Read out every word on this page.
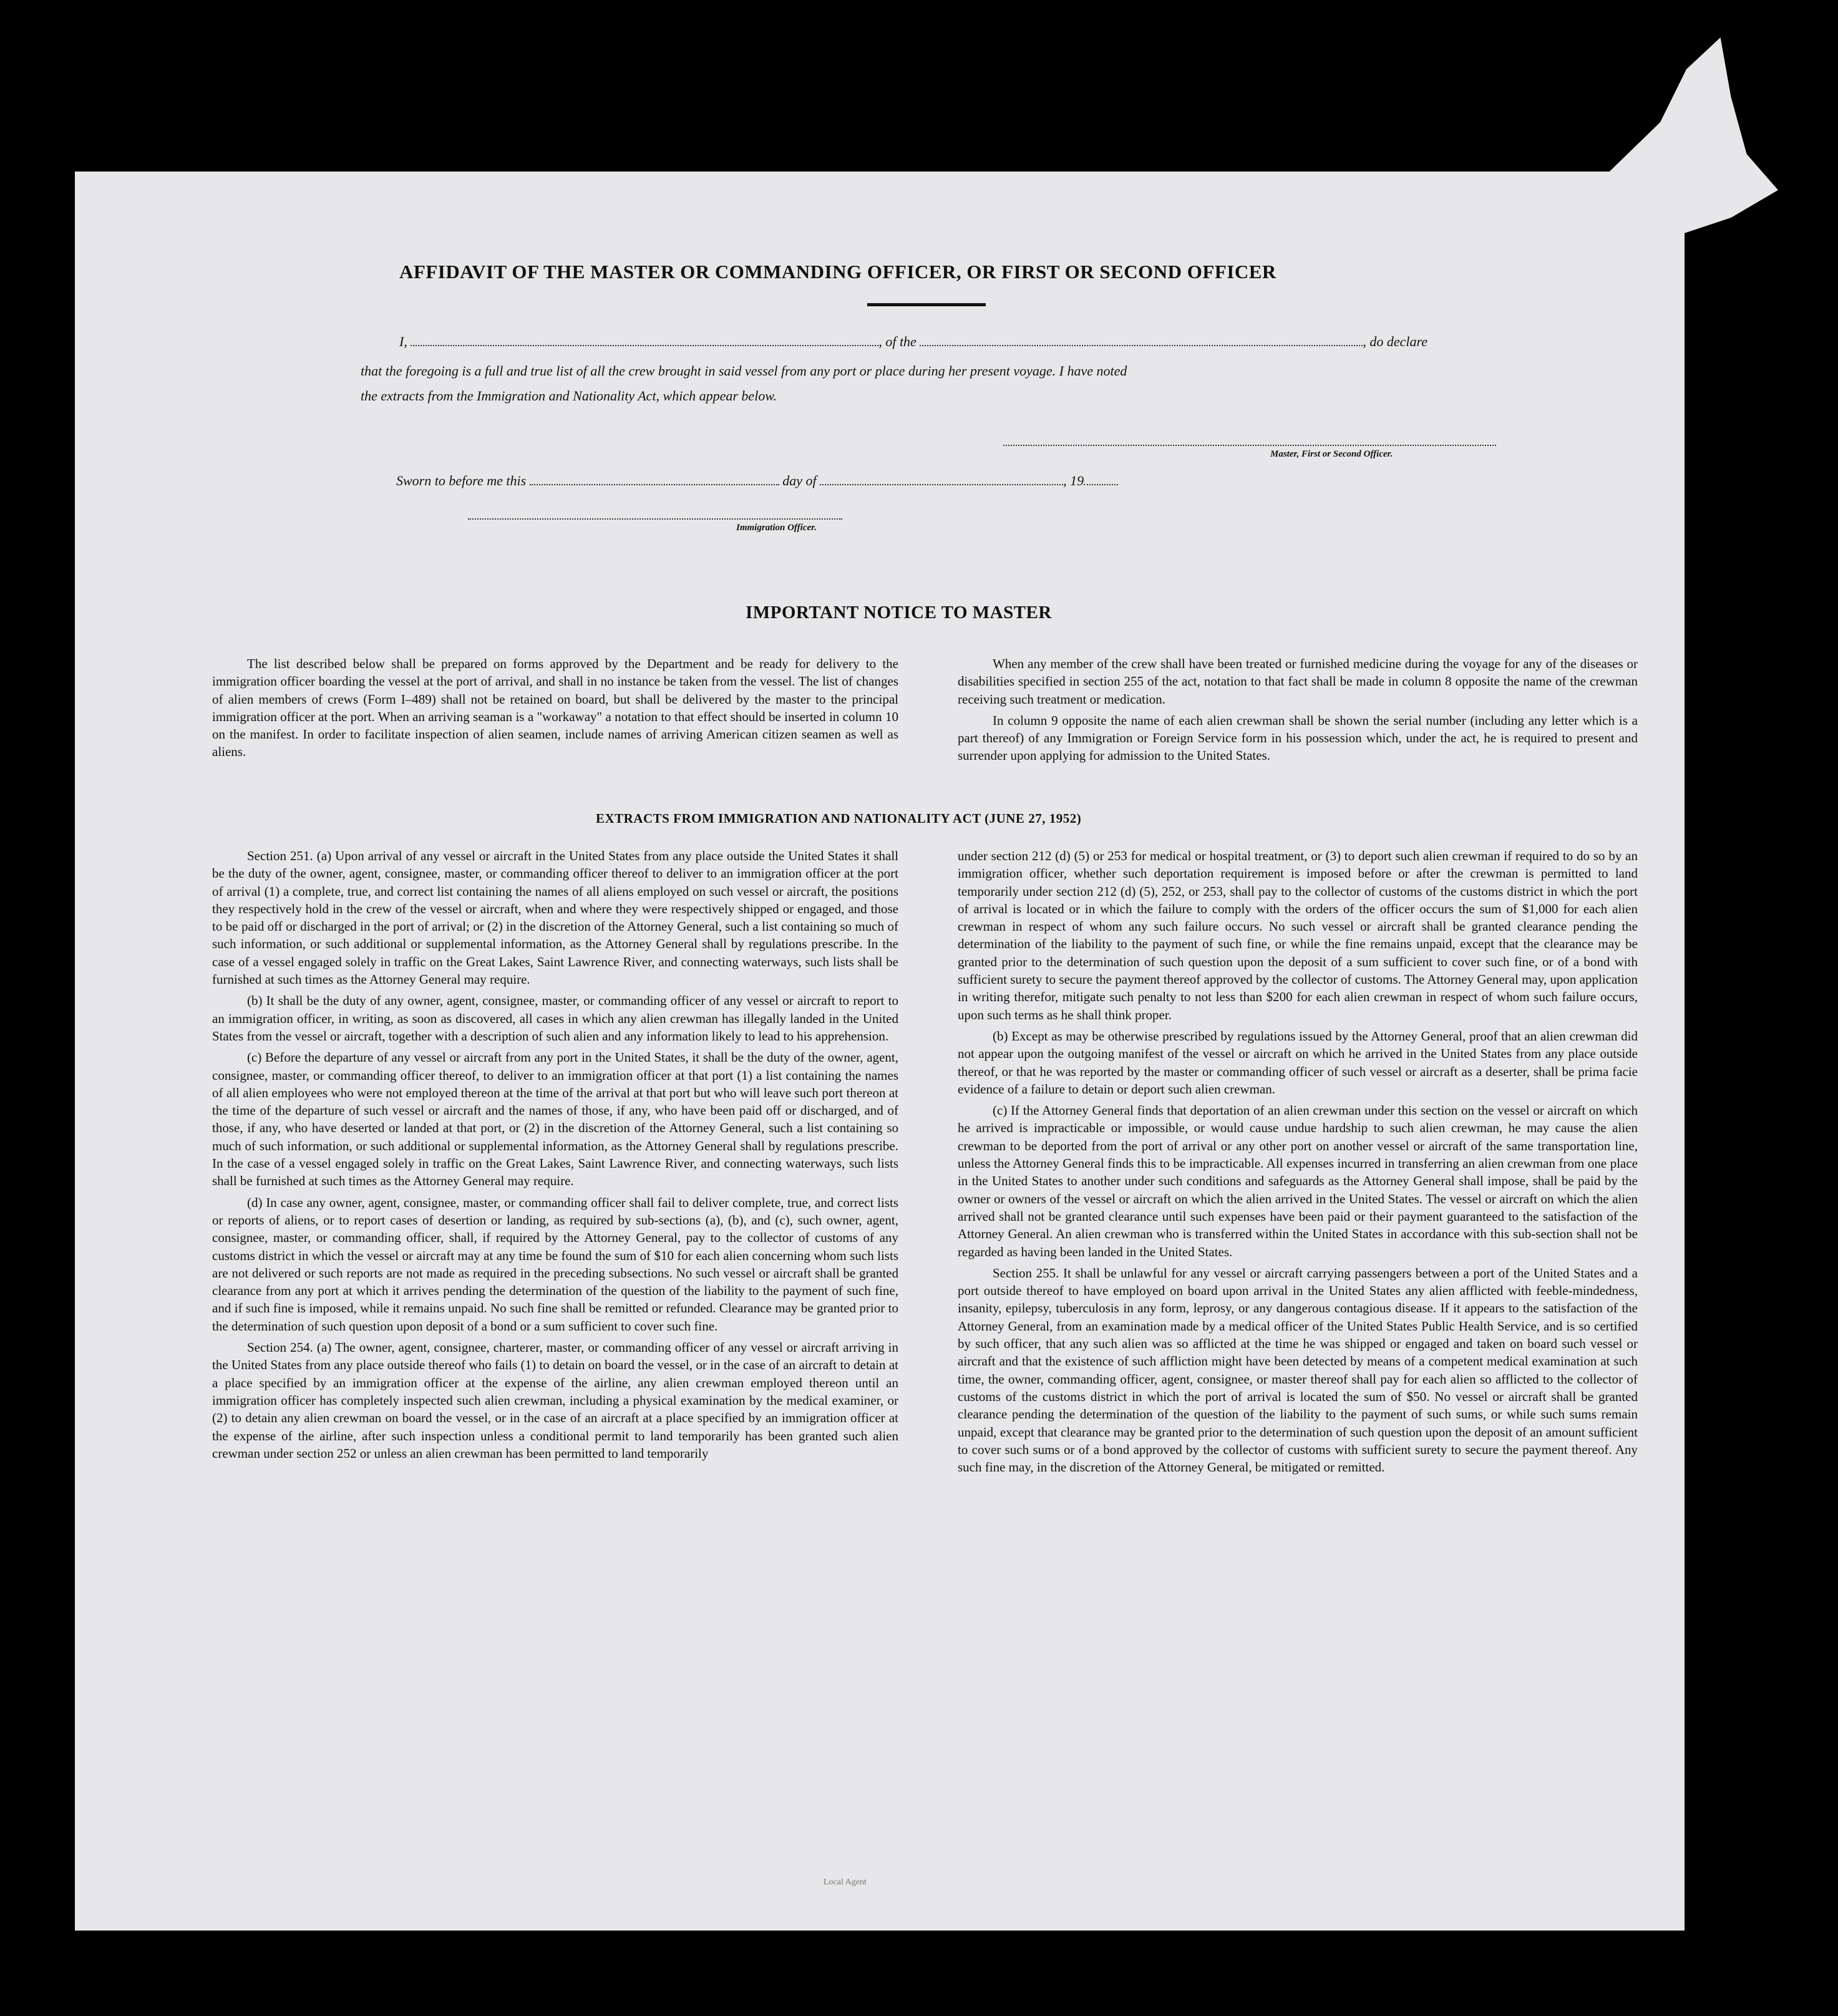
AFFIDAVIT OF THE MASTER OR COMMANDING OFFICER, OR FIRST OR SECOND OFFICER
I,	, of the	, do declare
that the foregoing is a full and true list of all the crew brought in said vessel from any port or place during her present voyage. I have noted
the extracts from the Immigration and Nationality Act, which appear below.
Master, First or Second Officer.
Sworn to before me this	day of	, 19
Immigration Officer.
IMPORTANT NOTICE TO MASTER

The list described below shall be prepared on forms approved by the Department and be ready for delivery to the immigration officer boarding the vessel at the port of arrival, and shall in no instance be taken from the vessel. The list of changes of alien members of crews (Form I–489) shall not be retained on board, but shall be delivered by the master to the principal immigration officer at the port. When an arriving seaman is a "workaway" a notation to that effect should be inserted in column 10 on the manifest. In order to facilitate inspection of alien seamen, include names of arriving American citizen seamen as well as aliens.

When any member of the crew shall have been treated or furnished medicine during the voyage for any of the diseases or disabilities specified in section 255 of the act, notation to that fact shall be made in column 8 opposite the name of the crewman receiving such treatment or medication.

In column 9 opposite the name of each alien crewman shall be shown the serial number (including any letter which is a part thereof) of any Immigration or Foreign Service form in his possession which, under the act, he is required to present and surrender upon applying for admission to the United States.

EXTRACTS FROM IMMIGRATION AND NATIONALITY ACT (JUNE 27, 1952)

Section 251. (a) Upon arrival of any vessel or aircraft in the United States from any place outside the United States it shall be the duty of the owner, agent, consignee, master, or commanding officer thereof to deliver to an immigration officer at the port of arrival (1) a complete, true, and correct list containing the names of all aliens employed on such vessel or aircraft, the positions they respectively hold in the crew of the vessel or aircraft, when and where they were respectively shipped or engaged, and those to be paid off or discharged in the port of arrival; or (2) in the discretion of the Attorney General, such a list containing so much of such information, or such additional or supplemental information, as the Attorney General shall by regulations prescribe. In the case of a vessel engaged solely in traffic on the Great Lakes, Saint Lawrence River, and connecting waterways, such lists shall be furnished at such times as the Attorney General may require.

(b) It shall be the duty of any owner, agent, consignee, master, or commanding officer of any vessel or aircraft to report to an immigration officer, in writing, as soon as discovered, all cases in which any alien crewman has illegally landed in the United States from the vessel or aircraft, together with a description of such alien and any information likely to lead to his apprehension.

(c) Before the departure of any vessel or aircraft from any port in the United States, it shall be the duty of the owner, agent, consignee, master, or commanding officer thereof, to deliver to an immigration officer at that port (1) a list containing the names of all alien employees who were not employed thereon at the time of the arrival at that port but who will leave such port thereon at the time of the departure of such vessel or aircraft and the names of those, if any, who have been paid off or discharged, and of those, if any, who have deserted or landed at that port, or (2) in the discretion of the Attorney General, such a list containing so much of such information, or such additional or supplemental information, as the Attorney General shall by regulations prescribe. In the case of a vessel engaged solely in traffic on the Great Lakes, Saint Lawrence River, and connecting waterways, such lists shall be furnished at such times as the Attorney General may require.

(d) In case any owner, agent, consignee, master, or commanding officer shall fail to deliver complete, true, and correct lists or reports of aliens, or to report cases of desertion or landing, as required by sub-sections (a), (b), and (c), such owner, agent, consignee, master, or commanding officer, shall, if required by the Attorney General, pay to the collector of customs of any customs district in which the vessel or aircraft may at any time be found the sum of $10 for each alien concerning whom such lists are not delivered or such reports are not made as required in the preceding subsections. No such vessel or aircraft shall be granted clearance from any port at which it arrives pending the determination of the question of the liability to the payment of such fine, and if such fine is imposed, while it remains unpaid. No such fine shall be remitted or refunded. Clearance may be granted prior to the determination of such question upon deposit of a bond or a sum sufficient to cover such fine.

Section 254. (a) The owner, agent, consignee, charterer, master, or commanding officer of any vessel or aircraft arriving in the United States from any place outside thereof who fails (1) to detain on board the vessel, or in the case of an aircraft to detain at a place specified by an immigration officer at the expense of the airline, any alien crewman employed thereon until an immigration officer has completely inspected such alien crewman, including a physical examination by the medical examiner, or (2) to detain any alien crewman on board the vessel, or in the case of an aircraft at a place specified by an immigration officer at the expense of the airline, after such inspection unless a conditional permit to land temporarily has been granted such alien crewman under section 252 or unless an alien crewman has been permitted to land temporarily

under section 212 (d) (5) or 253 for medical or hospital treatment, or (3) to deport such alien crewman if required to do so by an immigration officer, whether such deportation requirement is imposed before or after the crewman is permitted to land temporarily under section 212 (d) (5), 252, or 253, shall pay to the collector of customs of the customs district in which the port of arrival is located or in which the failure to comply with the orders of the officer occurs the sum of $1,000 for each alien crewman in respect of whom any such failure occurs. No such vessel or aircraft shall be granted clearance pending the determination of the liability to the payment of such fine, or while the fine remains unpaid, except that the clearance may be granted prior to the determination of such question upon the deposit of a sum sufficient to cover such fine, or of a bond with sufficient surety to secure the payment thereof approved by the collector of customs. The Attorney General may, upon application in writing therefor, mitigate such penalty to not less than $200 for each alien crewman in respect of whom such failure occurs, upon such terms as he shall think proper.

(b) Except as may be otherwise prescribed by regulations issued by the Attorney General, proof that an alien crewman did not appear upon the outgoing manifest of the vessel or aircraft on which he arrived in the United States from any place outside thereof, or that he was reported by the master or commanding officer of such vessel or aircraft as a deserter, shall be prima facie evidence of a failure to detain or deport such alien crewman.

(c) If the Attorney General finds that deportation of an alien crewman under this section on the vessel or aircraft on which he arrived is impracticable or impossible, or would cause undue hardship to such alien crewman, he may cause the alien crewman to be deported from the port of arrival or any other port on another vessel or aircraft of the same transportation line, unless the Attorney General finds this to be impracticable. All expenses incurred in transferring an alien crewman from one place in the United States to another under such conditions and safeguards as the Attorney General shall impose, shall be paid by the owner or owners of the vessel or aircraft on which the alien arrived in the United States. The vessel or aircraft on which the alien arrived shall not be granted clearance until such expenses have been paid or their payment guaranteed to the satisfaction of the Attorney General. An alien crewman who is transferred within the United States in accordance with this sub-section shall not be regarded as having been landed in the United States.

Section 255. It shall be unlawful for any vessel or aircraft carrying passengers between a port of the United States and a port outside thereof to have employed on board upon arrival in the United States any alien afflicted with feeble-mindedness, insanity, epilepsy, tuberculosis in any form, leprosy, or any dangerous contagious disease. If it appears to the satisfaction of the Attorney General, from an examination made by a medical officer of the United States Public Health Service, and is so certified by such officer, that any such alien was so afflicted at the time he was shipped or engaged and taken on board such vessel or aircraft and that the existence of such affliction might have been detected by means of a competent medical examination at such time, the owner, commanding officer, agent, consignee, or master thereof shall pay for each alien so afflicted to the collector of customs of the customs district in which the port of arrival is located the sum of $50. No vessel or aircraft shall be granted clearance pending the determination of the question of the liability to the payment of such sums, or while such sums remain unpaid, except that clearance may be granted prior to the determination of such question upon the deposit of an amount sufficient to cover such sums or of a bond approved by the collector of customs with sufficient surety to secure the payment thereof. Any such fine may, in the discretion of the Attorney General, be mitigated or remitted.

Local Agent
